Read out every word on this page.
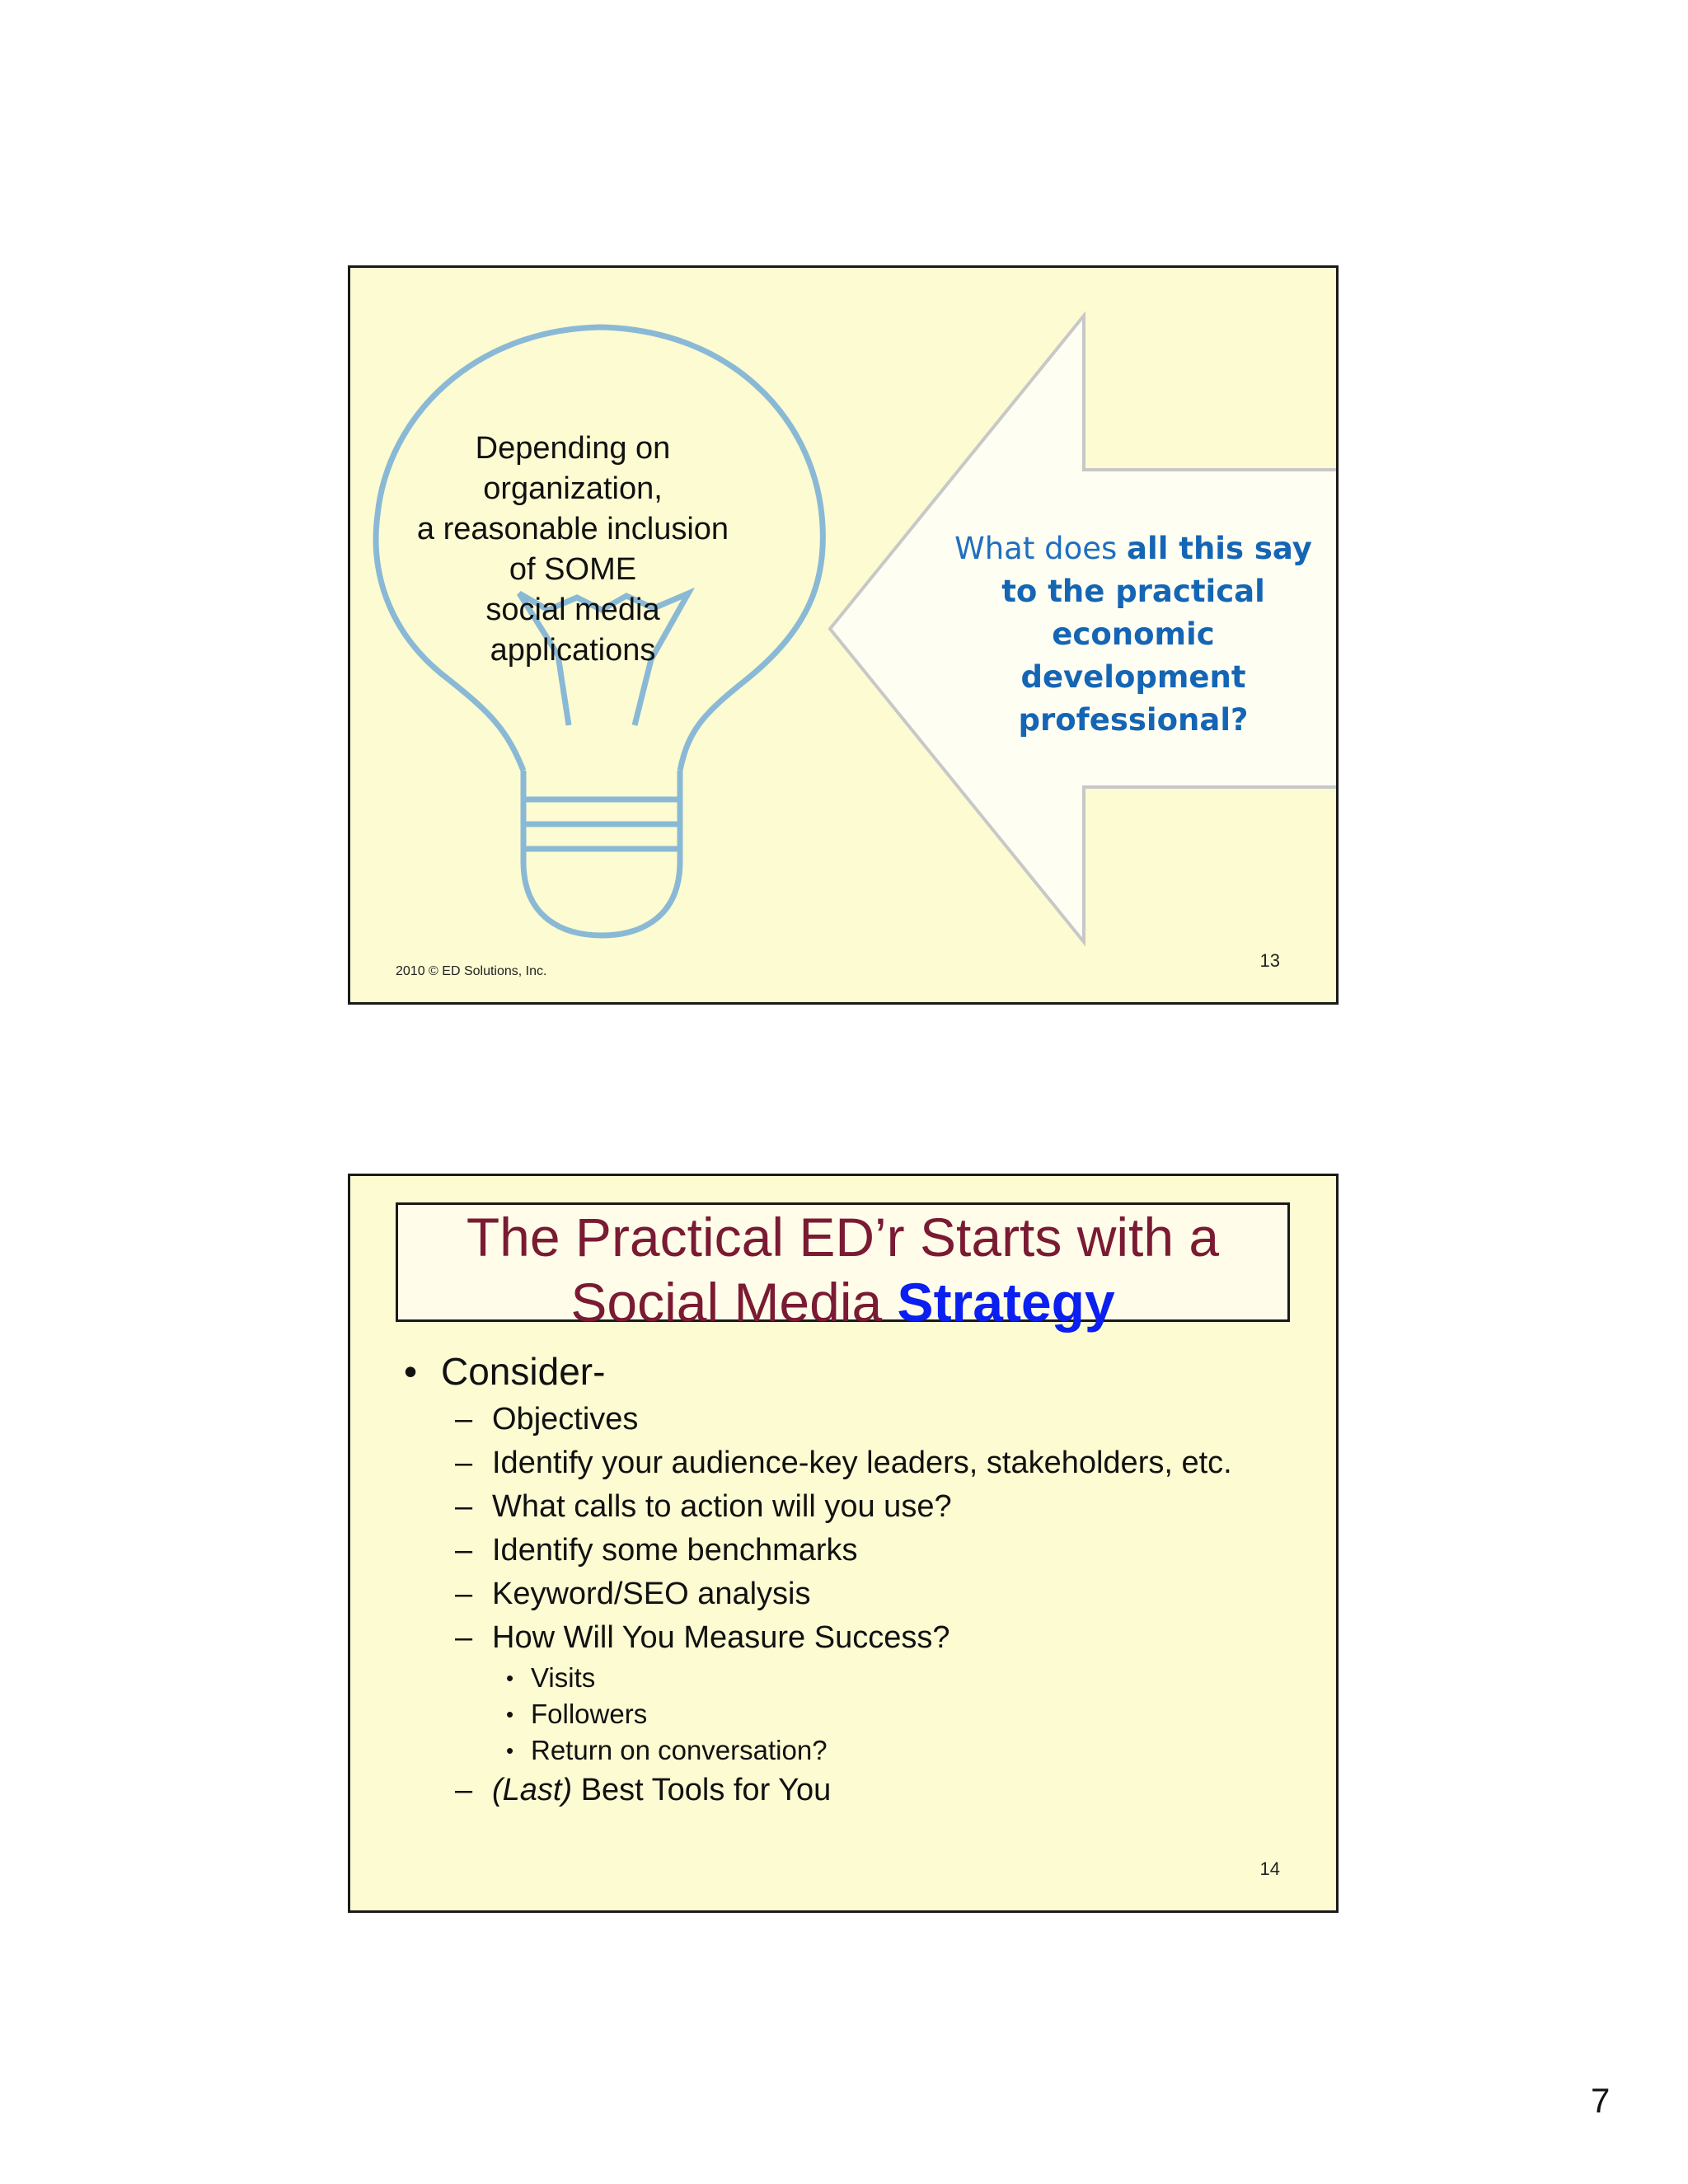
Depending on organization,
a reasonable inclusion
of SOME
social media applications
What does all this say to the practical economic development professional?
2010 © ED Solutions, Inc.
13
The Practical ED’r Starts with a
Social Media Strategy
• Consider-
– Objectives
– Identify your audience-key leaders, stakeholders, etc.
– What calls to action will you use?
– Identify some benchmarks
– Keyword/SEO analysis
– How Will You Measure Success?
• Visits
• Followers
• Return on conversation?
– (Last) Best Tools for You
14
7
